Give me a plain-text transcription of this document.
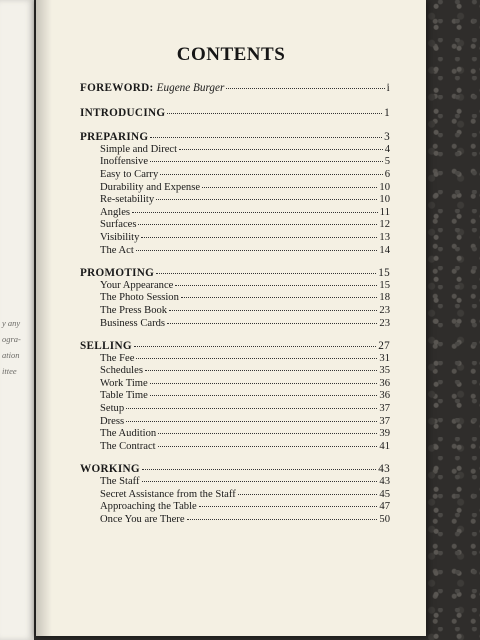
y any
ogra-
ation
ittee
CONTENTS
FOREWORD: Eugene Burger	i
INTRODUCING	1
PREPARING	3
Simple and Direct	4
Inoffensive	5
Easy to Carry	6
Durability and Expense	10
Re-setability	10
Angles	11
Surfaces	12
Visibility	13
The Act	14
PROMOTING	15
Your Appearance	15
The Photo Session	18
The Press Book	23
Business Cards	23
SELLING	27
The Fee	31
Schedules	35
Work Time	36
Table Time	36
Setup	37
Dress	37
The Audition	39
The Contract	41
WORKING	43
The Staff	43
Secret Assistance from the Staff	45
Approaching the Table	47
Once You are There	50
